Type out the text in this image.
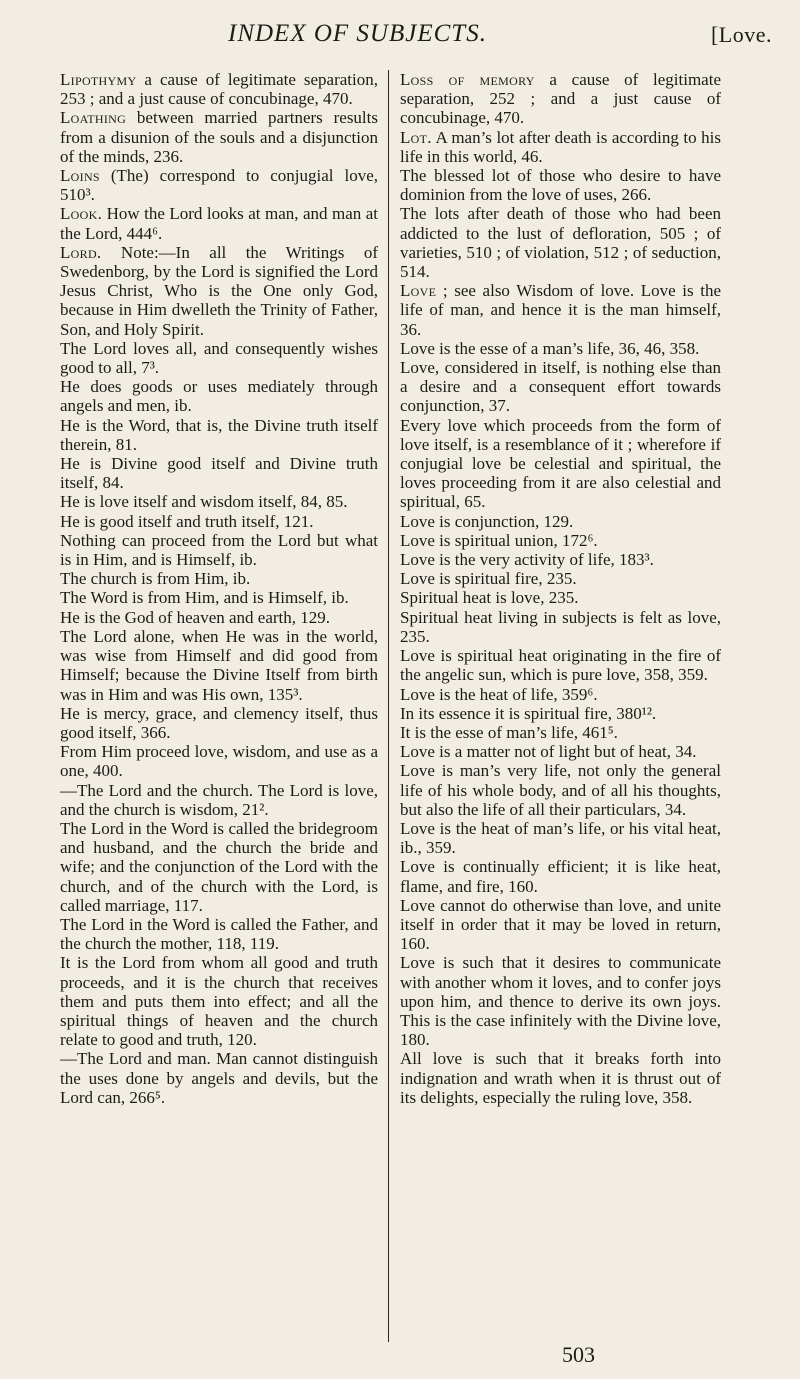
INDEX OF SUBJECTS.	[Love.
Lipothymy a cause of legitimate separation, 253 ; and a just cause of concubinage, 470.
Loathing between married partners results from a disunion of the souls and a disjunction of the minds, 236.
Loins (The) correspond to conjugial love, 510³.
Look. How the Lord looks at man, and man at the Lord, 444⁶.
Lord. Note:—In all the Writings of Swedenborg, by the Lord is signified the Lord Jesus Christ, Who is the One only God, because in Him dwelleth the Trinity of Father, Son, and Holy Spirit.
The Lord loves all, and consequently wishes good to all, 7³.
He does goods or uses mediately through angels and men, ib.
He is the Word, that is, the Divine truth itself therein, 81.
He is Divine good itself and Divine truth itself, 84.
He is love itself and wisdom itself, 84, 85.
He is good itself and truth itself, 121.
Nothing can proceed from the Lord but what is in Him, and is Himself, ib.
The church is from Him, ib.
The Word is from Him, and is Himself, ib.
He is the God of heaven and earth, 129.
The Lord alone, when He was in the world, was wise from Himself and did good from Himself; because the Divine Itself from birth was in Him and was His own, 135³.
He is mercy, grace, and clemency itself, thus good itself, 366.
From Him proceed love, wisdom, and use as a one, 400.
—The Lord and the church. The Lord is love, and the church is wisdom, 21².
The Lord in the Word is called the bridegroom and husband, and the church the bride and wife; and the conjunction of the Lord with the church, and of the church with the Lord, is called marriage, 117.
The Lord in the Word is called the Father, and the church the mother, 118, 119.
It is the Lord from whom all good and truth proceeds, and it is the church that receives them and puts them into effect; and all the spiritual things of heaven and the church relate to good and truth, 120.
—The Lord and man. Man cannot distinguish the uses done by angels and devils, but the Lord can, 266⁵.
Loss of memory a cause of legitimate separation, 252 ; and a just cause of concubinage, 470.
Lot. A man’s lot after death is according to his life in this world, 46.
The blessed lot of those who desire to have dominion from the love of uses, 266.
The lots after death of those who had been addicted to the lust of defloration, 505 ; of varieties, 510 ; of violation, 512 ; of seduction, 514.
Love ; see also Wisdom of love. Love is the life of man, and hence it is the man himself, 36.
Love is the esse of a man’s life, 36, 46, 358.
Love, considered in itself, is nothing else than a desire and a consequent effort towards conjunction, 37.
Every love which proceeds from the form of love itself, is a resemblance of it ; wherefore if conjugial love be celestial and spiritual, the loves proceeding from it are also celestial and spiritual, 65.
Love is conjunction, 129.
Love is spiritual union, 172⁶.
Love is the very activity of life, 183³.
Love is spiritual fire, 235.
Spiritual heat is love, 235.
Spiritual heat living in subjects is felt as love, 235.
Love is spiritual heat originating in the fire of the angelic sun, which is pure love, 358, 359.
Love is the heat of life, 359⁶.
In its essence it is spiritual fire, 380¹².
It is the esse of man’s life, 461⁵.
Love is a matter not of light but of heat, 34.
Love is man’s very life, not only the general life of his whole body, and of all his thoughts, but also the life of all their particulars, 34.
Love is the heat of man’s life, or his vital heat, ib., 359.
Love is continually efficient; it is like heat, flame, and fire, 160.
Love cannot do otherwise than love, and unite itself in order that it may be loved in return, 160.
Love is such that it desires to communicate with another whom it loves, and to confer joys upon him, and thence to derive its own joys. This is the case infinitely with the Divine love, 180.
All love is such that it breaks forth into indignation and wrath when it is thrust out of its delights, especially the ruling love, 358.
503
